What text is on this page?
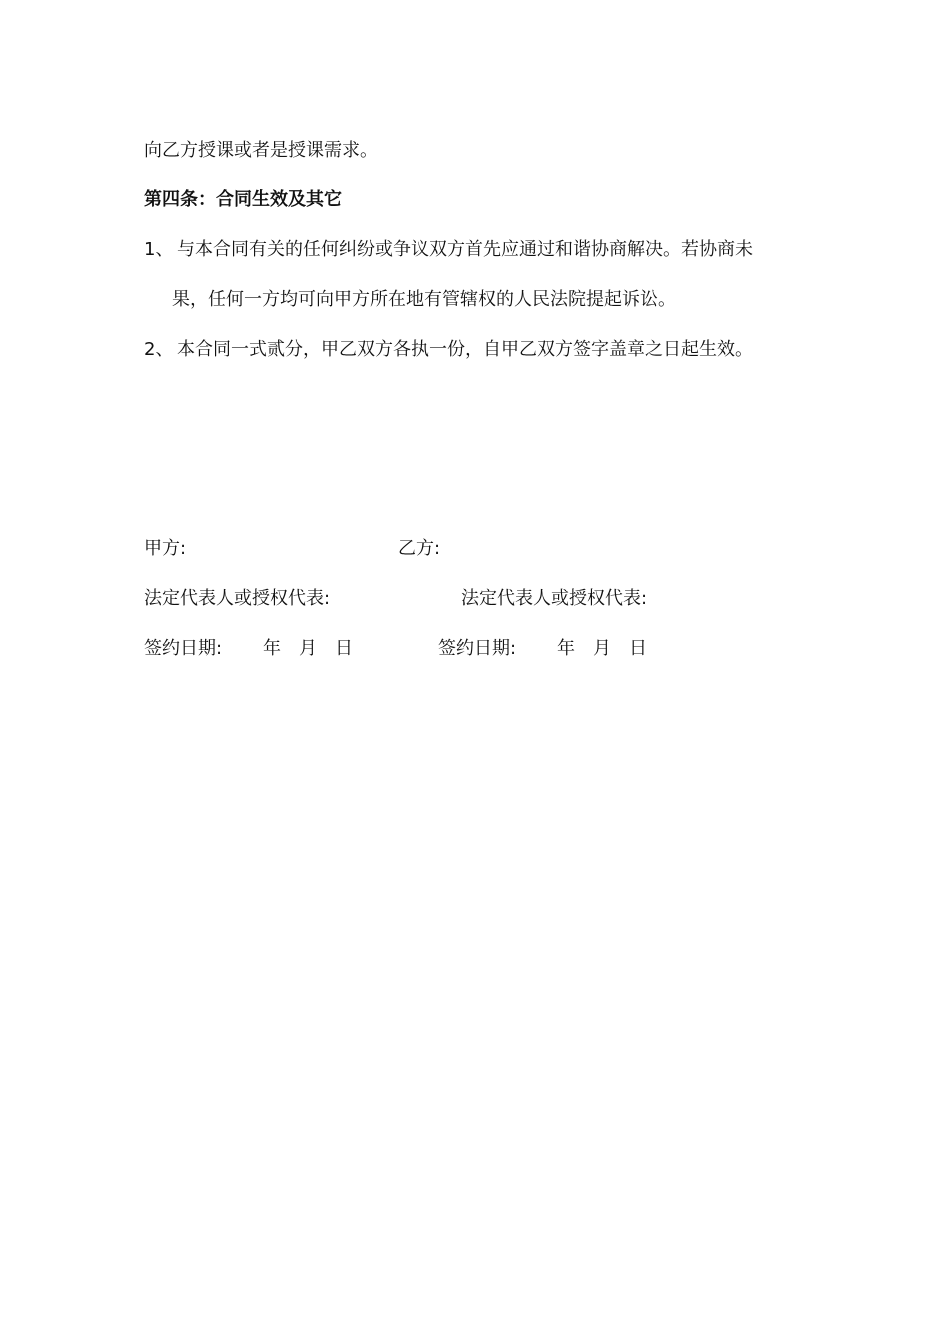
向乙方授课或者是授课需求。
第四条：合同生效及其它
1、 与本合同有关的任何纠纷或争议双方首先应通过和谐协商解决。若协商未
果，任何一方均可向甲方所在地有管辖权的人民法院提起诉讼。
2、 本合同一式贰分，甲乙双方各执一份，自甲乙双方签字盖章之日起生效。
甲方:	乙方:
法定代表人或授权代表:	法定代表人或授权代表:
签约日期: 年 月 日	签约日期: 年 月 日
